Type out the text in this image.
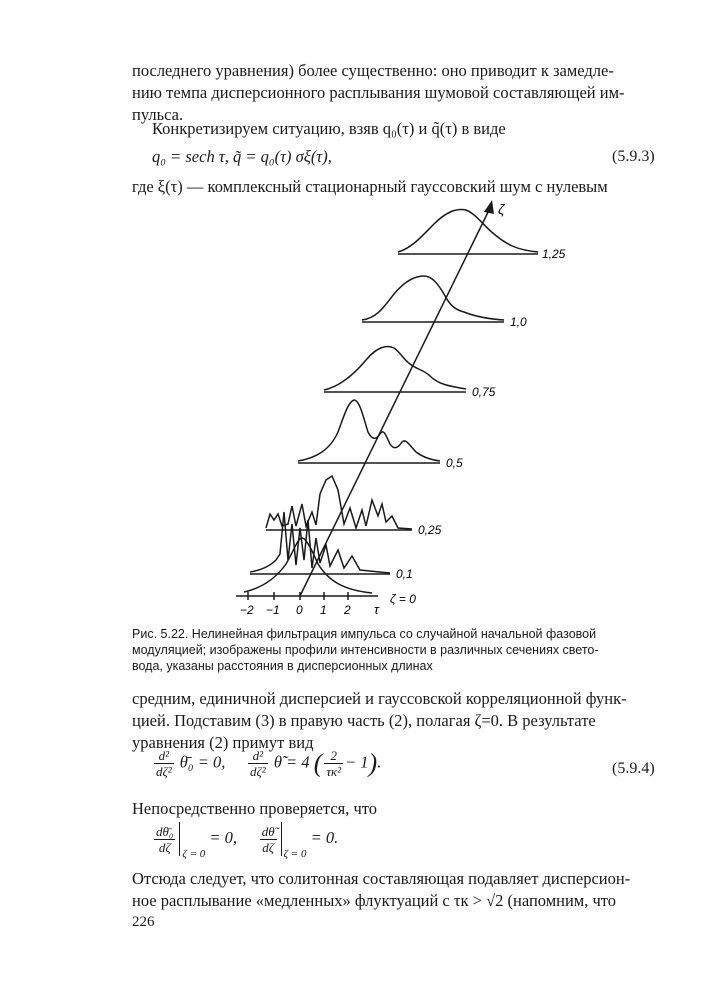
последнего уравнения) более существенно: оно приводит к замедле-
нию темпа дисперсионного расплывания шумовой составляющей им-
пульса.
Конкретизируем ситуацию, взяв q₀(τ) и q̃(τ) в виде
q₀ = sech τ, q̃ = q₀(τ) σξ(τ),	(5.9.3)
где ξ(τ) — комплексный стационарный гауссовский шум с нулевым
−2 −1 0 1 2 τ
ζ
ζ = 0
0,1
0,25
0,5
0,75
1,0
1,25
Рис. 5.22. Нелинейная фильтрация импульса со случайной начальной фазовой
модуляцией; изображены профили интенсивности в различных сечениях свето-
вода, указаны расстояния в дисперсионных длинах
средним, единичной дисперсией и гауссовской корреляционной функ-
цией. Подставим (3) в правую часть (2), полагая ζ=0. В результате
уравнения (2) примут вид
$\frac{\text{d²}}{\text{dζ²}}$ θ̄₀ = 0, $\frac{\text{d²}}{\text{dζ²}}$ θ̃ = 4 ( $\frac{2}{\text{τк²}} - 1$).	(5.9.4)
Непосредственно проверяется, что
$\frac{\text{dθ̄₀}}{d\zeta}$ ζ = 0 = 0, $\frac{d\thetã}{d\zeta}$ ζ = 0 = 0.
Отсюда следует, что солитонная составляющая подавляет дисперсион-
ное расплывание «медленных» флуктуаций с τк > √2 (напомним, что
226
